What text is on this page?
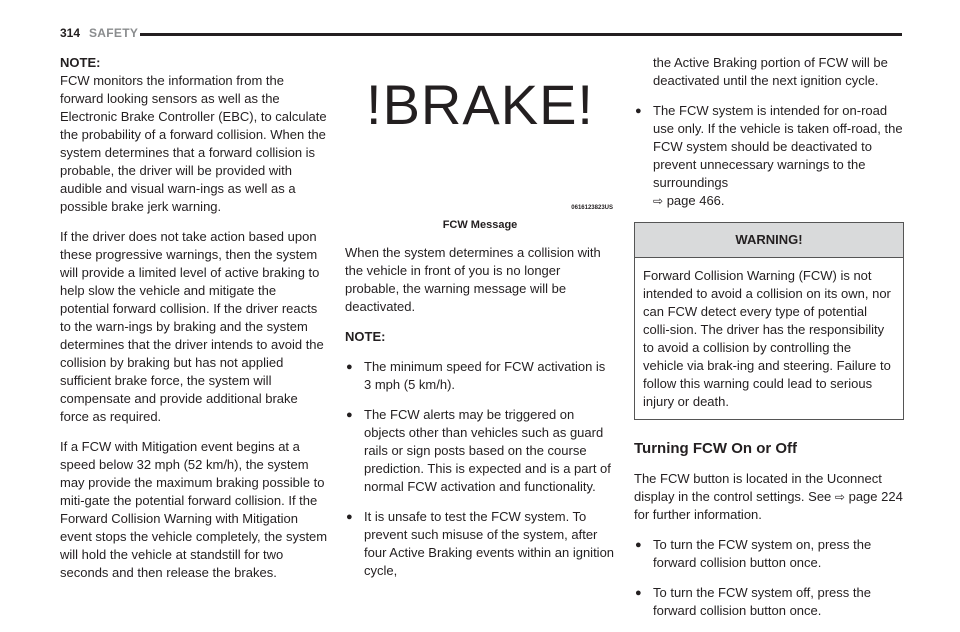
314 SAFETY

NOTE:

FCW monitors the information from the forward looking sensors as well as the Electronic Brake Controller (EBC), to calculate the probability of a forward collision. When the system determines that a forward collision is probable, the driver will be provided with audible and visual warn-ings as well as a possible brake jerk warning.

If the driver does not take action based upon these progressive warnings, then the system will provide a limited level of active braking to help slow the vehicle and mitigate the potential forward collision. If the driver reacts to the warn-ings by braking and the system determines that the driver intends to avoid the collision by braking but has not applied sufficient brake force, the system will compensate and provide additional brake force as required.

If a FCW with Mitigation event begins at a speed below 32 mph (52 km/h), the system may provide the maximum braking possible to miti-gate the potential forward collision. If the Forward Collision Warning with Mitigation event stops the vehicle completely, the system will hold the vehicle at standstill for two seconds and then release the brakes.

!BRAKE!
0616123823US
FCW Message

When the system determines a collision with the vehicle in front of you is no longer probable, the warning message will be deactivated.

NOTE:

● The minimum speed for FCW activation is 3 mph (5 km/h).
● The FCW alerts may be triggered on objects other than vehicles such as guard rails or sign posts based on the course prediction. This is expected and is a part of normal FCW activation and functionality.
● It is unsafe to test the FCW system. To prevent such misuse of the system, after four Active Braking events within an ignition cycle,

the Active Braking portion of FCW will be deactivated until the next ignition cycle.

● The FCW system is intended for on-road use only. If the vehicle is taken off-road, the FCW system should be deactivated to prevent unnecessary warnings to the surroundings
⇨ page 466.
WARNING!
Forward Collision Warning (FCW) is not intended to avoid a collision on its own, nor can FCW detect every type of potential colli-sion. The driver has the responsibility to avoid a collision by controlling the vehicle via brak-ing and steering. Failure to follow this warning could lead to serious injury or death.

Turning FCW On or Off

The FCW button is located in the Uconnect display in the control settings. See ⇨ page 224 for further information.

● To turn the FCW system on, press the forward collision button once.
● To turn the FCW system off, press the forward collision button once.
